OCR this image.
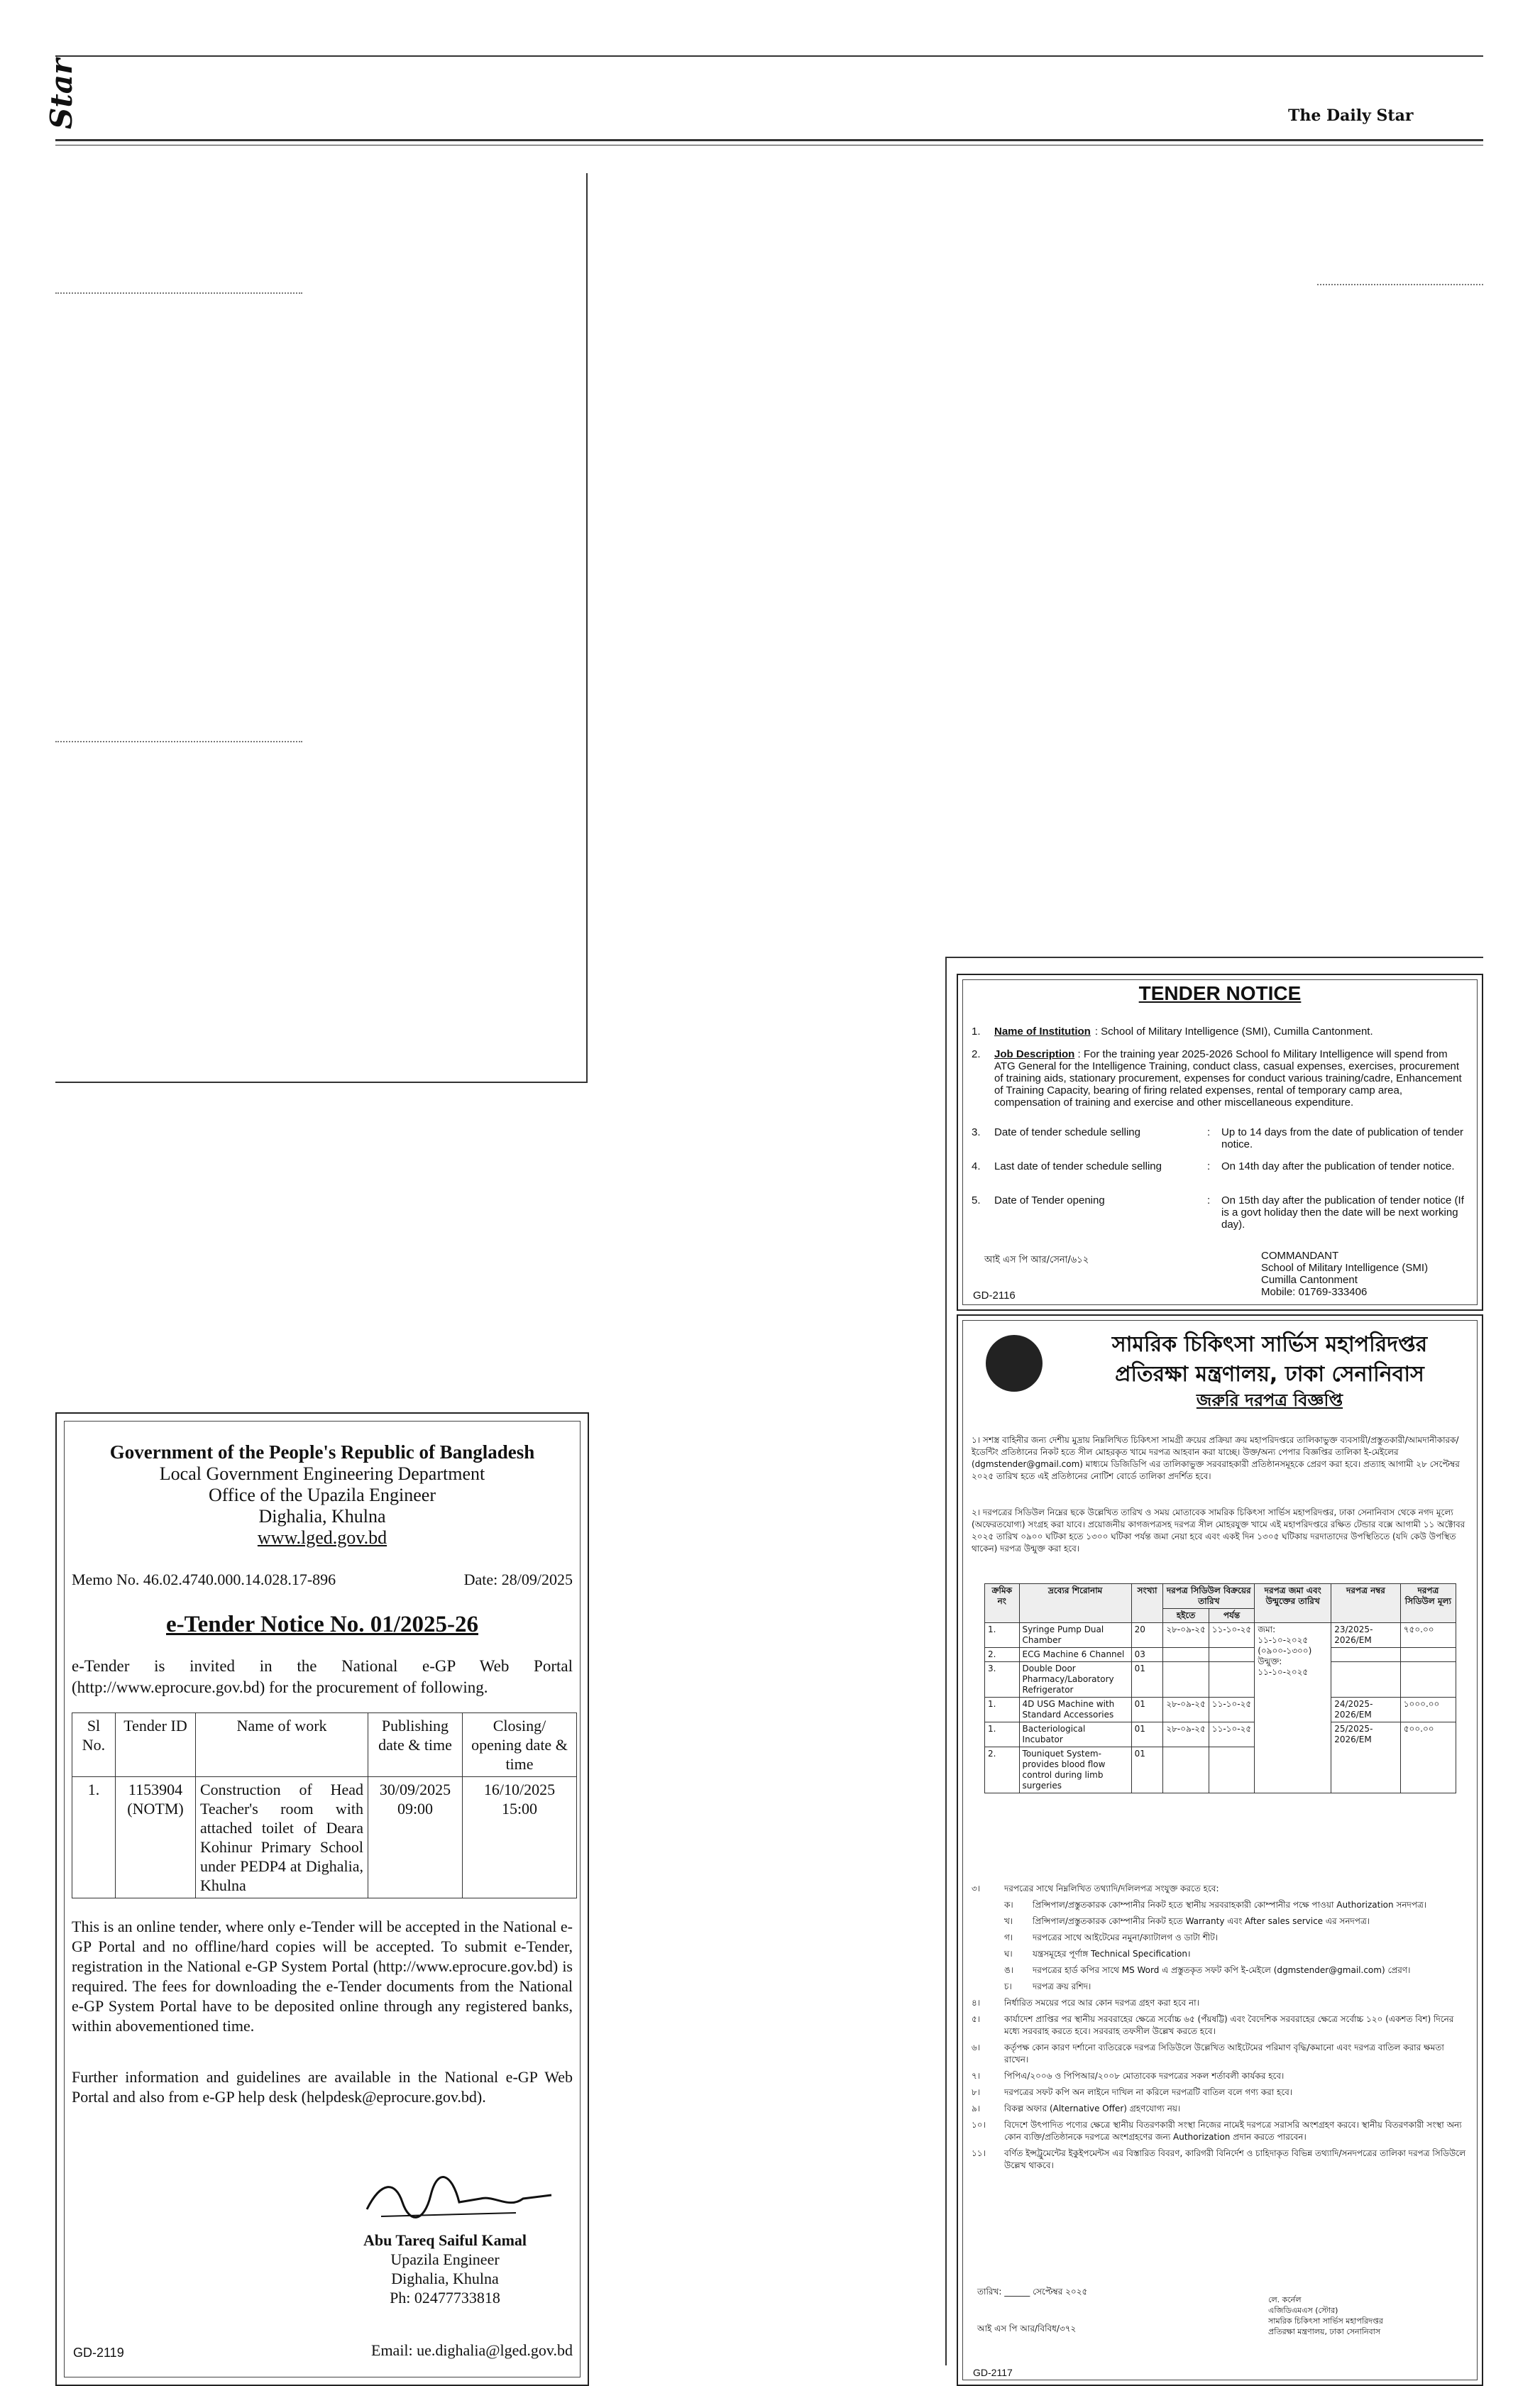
Star	The Daily Star
Government of the People's Republic of Bangladesh
Local Government Engineering Department
Office of the Upazila Engineer
Dighalia, Khulna
www.lged.gov.bd
Memo No. 46.02.4740.000.14.028.17-896	Date: 28/09/2025
e-Tender Notice No. 01/2025-26
e-Tender is invited in the National e-GP Web Portal (http://www.eprocure.gov.bd) for the procurement of following.
Sl No.	Tender ID	Name of work	Publishing date & time	Closing/ opening date & time
1.	1153904 (NOTM)	Construction of Head Teacher's room with attached toilet of Deara Kohinur Primary School under PEDP4 at Dighalia, Khulna	30/09/2025 09:00	16/10/2025 15:00
This is an online tender, where only e-Tender will be accepted in the National e-GP Portal and no offline/hard copies will be accepted. To submit e-Tender, registration in the National e-GP System Portal (http://www.eprocure.gov.bd) is required. The fees for downloading the e-Tender documents from the National e-GP System Portal have to be deposited online through any registered banks, within abovementioned time.
Further information and guidelines are available in the National e-GP Web Portal and also from e-GP help desk (helpdesk@eprocure.gov.bd).
Abu Tareq Saiful Kamal
Upazila Engineer
Dighalia, Khulna
Ph: 02477733818
GD-2119	Email: ue.dighalia@lged.gov.bd
TENDER NOTICE
1.	Name of Institution : School of Military Intelligence (SMI), Cumilla Cantonment.
2.	Job Description : For the training year 2025-2026 School fo Military Intelligence will spend from ATG General for the Intelligence Training, conduct class, casual expenses, exercises, procurement of training aids, stationary procurement, expenses for conduct various training/cadre, Enhancement of Training Capacity, bearing of firing related expenses, rental of temporary camp area, compensation of training and exercise and other miscellaneous expenditure.
3.	Date of tender schedule selling	:	Up to 14 days from the date of publication of tender notice.
4.	Last date of tender schedule selling	:	On 14th day after the publication of tender notice.
5.	Date of Tender opening	:	On 15th day after the publication of tender notice (If is a govt holiday then the date will be next working day).
আই এস পি আর/সেনা/৬১২	COMMANDANT
School of Military Intelligence (SMI)
Cumilla Cantonment
Mobile: 01769-333406
GD-2116
সামরিক চিকিৎসা সার্ভিস মহাপরিদপ্তর
প্রতিরক্ষা মন্ত্রণালয়, ঢাকা সেনানিবাস
জরুরি দরপত্র বিজ্ঞপ্তি
১। সশস্ত্র বাহিনীর জন্য দেশীয় মুদ্রায় নিম্নলিখিত চিকিৎসা সামগ্রী ক্রয়ের প্রক্রিয়া ক্রয় মহাপরিদপ্তরে তালিকাভুক্ত ব্যবসায়ী/প্রস্তুতকারী/আমদানীকারক/ইডেন্টিং প্রতিষ্ঠানের নিকট হতে সীল মোহরকৃত খামে দরপত্র আহবান করা যাচ্ছে। উক্ত/অন্য পেপার বিজ্ঞপ্তির তালিকা ই-মেইলের (dgmstender@gmail.com) মাধ্যমে ডিজিডিপি এর তালিকাভুক্ত সরবরাহকারী প্রতিষ্ঠানসমূহকে প্রেরণ করা হবে। প্রত্যাহ আগামী ২৮ সেপ্টেম্বর ২০২৫ তারিখ হতে এই প্রতিষ্ঠানের নোটিশ বোর্ডে তালিকা প্রদর্শিত হবে।
২। দরপত্রের সিডিউল নিম্নের ছকে উল্লেখিত তারিখ ও সময় মোতাবেক সামরিক চিকিৎসা সার্ভিস মহাপরিদপ্তর, ঢাকা সেনানিবাস থেকে নগদ মূল্যে (অফেরতযোগ্য) সংগ্রহ করা যাবে। প্রয়োজনীয় কাগজপত্রসহ দরপত্র সীল মোহরযুক্ত খামে এই মহাপরিদপ্তরে রক্ষিত টেন্ডার বক্সে আগামী ১১ অক্টোবর ২০২৫ তারিখ ০৯০০ ঘটিকা হতে ১৩০০ ঘটিকা পর্যন্ত জমা নেয়া হবে এবং একই দিন ১৩০৫ ঘটিকায় দরদাতাদের উপস্থিতিতে (যদি কেউ উপস্থিত থাকেন) দরপত্র উন্মুক্ত করা হবে।
ক্রমিক নং	দ্রব্যের শিরোনাম	সংখ্যা	দরপত্র সিডিউল বিক্রয়ের তারিখ		দরপত্র জমা এবং উন্মুক্তের তারিখ	দরপত্র নম্বর	দরপত্র সিডিউল মূল্য
			হইতে	পর্যন্ত			
1.	Syringe Pump Dual Chamber	20	২৮-০৯-২৫	১১-১০-২৫	জমা: ১১-১০-২০২৫ (০৯০০-১৩০০) উন্মুক্ত: ১১-১০-২০২৫	23/2025-2026/EM	৭৫০.০০
2.	ECG Machine 6 Channel	03					
3.	Double Door Pharmacy/Laboratory Refrigerator	01					
1.	4D USG Machine with Standard Accessories	01	২৮-০৯-২৫	১১-১০-২৫		24/2025-2026/EM	১০০০.০০
1.	Bacteriological Incubator	01	২৮-০৯-২৫	১১-১০-২৫		25/2025-2026/EM	৫০০.০০
2.	Touniquet System-provides blood flow control during limb surgeries	01					
৩।	দরপত্রের সাথে নিম্নলিখিত তথ্যাদি/দলিলপত্র সংযুক্ত করতে হবে:
ক।	প্রিন্সিপাল/প্রস্তুতকারক কোম্পানীর নিকট হতে স্থানীয় সরবরাহকারী কোম্পানীর পক্ষে পাওয়া Authorization সনদপত্র।
খ।	প্রিন্সিপাল/প্রস্তুতকারক কোম্পানীর নিকট হতে Warranty এবং After sales service এর সনদপত্র।
গ।	দরপত্রের সাথে আইটেমের নমুনা/ক্যাটালগ ও ডাটা শীট।
ঘ।	যন্ত্রসমূহের পূর্ণাঙ্গ Technical Specification।
ঙ।	দরপত্রের হার্ড কপির সাথে MS Word এ প্রস্তুতকৃত সফট কপি ই-মেইলে (dgmstender@gmail.com) প্রেরণ।
চ।	দরপত্র ক্রয় রশিদ।
৪।	নির্ধারিত সময়ের পরে আর কোন দরপত্র গ্রহণ করা হবে না।
৫।	কার্যাদেশ প্রাপ্তির পর স্থানীয় সরবরাহের ক্ষেত্রে সর্বোচ্চ ৬৫ (পঁয়ষট্টি) এবং বৈদেশিক সরবরাহের ক্ষেত্রে সর্বোচ্চ ১২০ (একশত বিশ) দিনের মধ্যে সরবরাহ করতে হবে। সরবরাহ তফসীল উল্লেখ করতে হবে।
৬।	কর্তৃপক্ষ কোন কারণ দর্শানো ব্যতিরেকে দরপত্র সিডিউলে উল্লেখিত আইটেমের পরিমাণ বৃদ্ধি/কমানো এবং দরপত্র বাতিল করার ক্ষমতা রাখেন।
৭।	পিপিএ/২০০৬ ও পিপিআর/২০০৮ মোতাবেক দরপত্রের সকল শর্তাবলী কার্যকর হবে।
৮।	দরপত্রের সফট কপি অন লাইনে দাখিল না করিলে দরপত্রটি বাতিল বলে গণ্য করা হবে।
৯।	বিকল্প অফার (Alternative Offer) গ্রহণযোগ্য নয়।
১০।	বিদেশে উৎপাদিত পণ্যের ক্ষেত্রে স্থানীয় বিতরণকারী সংস্থা নিজের নামেই দরপত্রে সরাসরি অংশগ্রহণ করবে। স্থানীয় বিতরণকারী সংস্থা অন্য কোন ব্যক্তি/প্রতিষ্ঠানকে দরপত্রে অংশগ্রহণের জন্য Authorization প্রদান করতে পারবেন।
১১।	বর্ণিত ইন্সট্রুমেন্টের ইকুইপমেন্টস এর বিস্তারিত বিবরণ, কারিগরী বিনির্দেশ ও চাহিদাকৃত বিভিন্ন তথ্যাদি/সনদপত্রের তালিকা দরপত্র সিডিউলে উল্লেখ থাকবে।
তারিখ: ______ সেপ্টেম্বর ২০২৫
আই এস পি আর/বিবিধ/৩৭২
লে. কর্নেল
এজিডিএমএস (স্টোর)
সামরিক চিকিৎসা সার্ভিস মহাপরিদপ্তর
প্রতিরক্ষা মন্ত্রণালয়, ঢাকা সেনানিবাস
GD-2117
